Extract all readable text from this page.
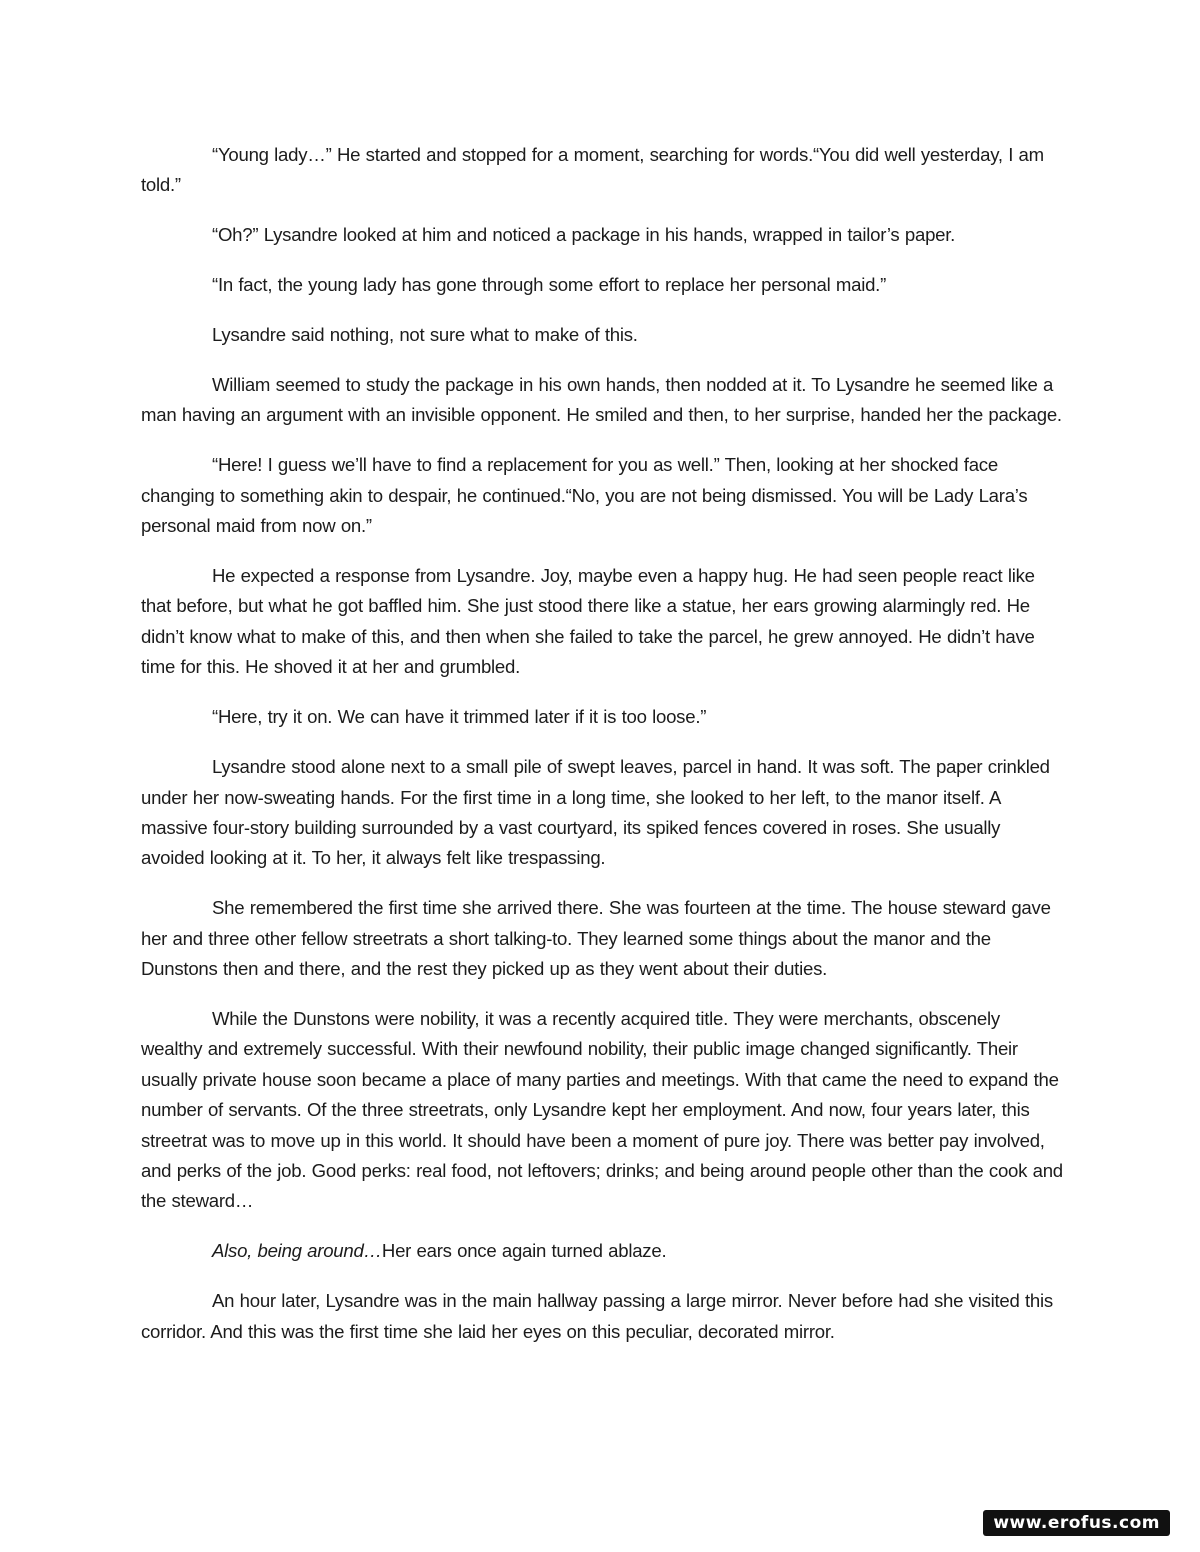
“Young lady…” He started and stopped for a moment, searching for words.“You did well yesterday, I am told.”

“Oh?” Lysandre looked at him and noticed a package in his hands, wrapped in tailor’s paper.

“In fact, the young lady has gone through some effort to replace her personal maid.”

Lysandre said nothing, not sure what to make of this.

William seemed to study the package in his own hands, then nodded at it. To Lysandre he seemed like a man having an argument with an invisible opponent. He smiled and then, to her surprise, handed her the package.

“Here! I guess we’ll have to find a replacement for you as well.” Then, looking at her shocked face changing to something akin to despair, he continued.“No, you are not being dismissed. You will be Lady Lara’s personal maid from now on.”

He expected a response from Lysandre. Joy, maybe even a happy hug. He had seen people react like that before, but what he got baffled him. She just stood there like a statue, her ears growing alarmingly red. He didn’t know what to make of this, and then when she failed to take the parcel, he grew annoyed. He didn’t have time for this. He shoved it at her and grumbled.

“Here, try it on. We can have it trimmed later if it is too loose.”

Lysandre stood alone next to a small pile of swept leaves, parcel in hand. It was soft. The paper crinkled under her now-sweating hands. For the first time in a long time, she looked to her left, to the manor itself. A massive four-story building surrounded by a vast courtyard, its spiked fences covered in roses. She usually avoided looking at it. To her, it always felt like trespassing.

She remembered the first time she arrived there. She was fourteen at the time. The house steward gave her and three other fellow streetrats a short talking-to. They learned some things about the manor and the Dunstons then and there, and the rest they picked up as they went about their duties.

While the Dunstons were nobility, it was a recently acquired title. They were merchants, obscenely wealthy and extremely successful. With their newfound nobility, their public image changed significantly. Their usually private house soon became a place of many parties and meetings. With that came the need to expand the number of servants. Of the three streetrats, only Lysandre kept her employment. And now, four years later, this streetrat was to move up in this world. It should have been a moment of pure joy. There was better pay involved, and perks of the job. Good perks: real food, not leftovers; drinks; and being around people other than the cook and the steward…

Also, being around…Her ears once again turned ablaze.

An hour later, Lysandre was in the main hallway passing a large mirror. Never before had she visited this corridor. And this was the first time she laid her eyes on this peculiar, decorated mirror.

www. erofus . com
